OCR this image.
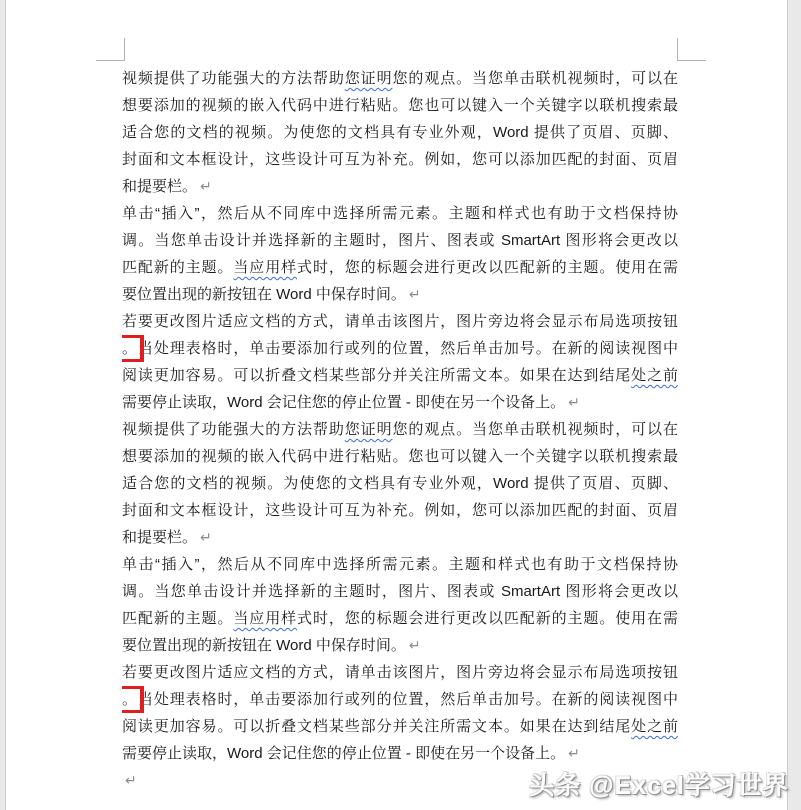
视频提供了功能强大的方法帮助您证明您的观点。当您单击联机视频时，可以在
想要添加的视频的嵌入代码中进行粘贴。您也可以键入一个关键字以联机搜索最
适合您的文档的视频。为使您的文档具有专业外观，Word 提供了页眉、页脚、
封面和文本框设计，这些设计可互为补充。例如，您可以添加匹配的封面、页眉
和提要栏。 ↵
单击“插入”，然后从不同库中选择所需元素。主题和样式也有助于文档保持协
调。当您单击设计并选择新的主题时，图片、图表或 SmartArt 图形将会更改以
匹配新的主题。当应用样式时，您的标题会进行更改以匹配新的主题。使用在需
要位置出现的新按钮在 Word 中保存时间。 ↵
若要更改图片适应文档的方式，请单击该图片，图片旁边将会显示布局选项按钮
。当处理表格时，单击要添加行或列的位置，然后单击加号。在新的阅读视图中
阅读更加容易。可以折叠文档某些部分并关注所需文本。如果在达到结尾处之前
需要停止读取，Word 会记住您的停止位置 - 即使在另一个设备上。 ↵
视频提供了功能强大的方法帮助您证明您的观点。当您单击联机视频时，可以在
想要添加的视频的嵌入代码中进行粘贴。您也可以键入一个关键字以联机搜索最
适合您的文档的视频。为使您的文档具有专业外观，Word 提供了页眉、页脚、
封面和文本框设计，这些设计可互为补充。例如，您可以添加匹配的封面、页眉
和提要栏。 ↵
单击“插入”，然后从不同库中选择所需元素。主题和样式也有助于文档保持协
调。当您单击设计并选择新的主题时，图片、图表或 SmartArt 图形将会更改以
匹配新的主题。当应用样式时，您的标题会进行更改以匹配新的主题。使用在需
要位置出现的新按钮在 Word 中保存时间。 ↵
若要更改图片适应文档的方式，请单击该图片，图片旁边将会显示布局选项按钮
。当处理表格时，单击要添加行或列的位置，然后单击加号。在新的阅读视图中
阅读更加容易。可以折叠文档某些部分并关注所需文本。如果在达到结尾处之前
需要停止读取，Word 会记住您的停止位置 - 即使在另一个设备上。 ↵
↵	头条 @Excel学习世界
